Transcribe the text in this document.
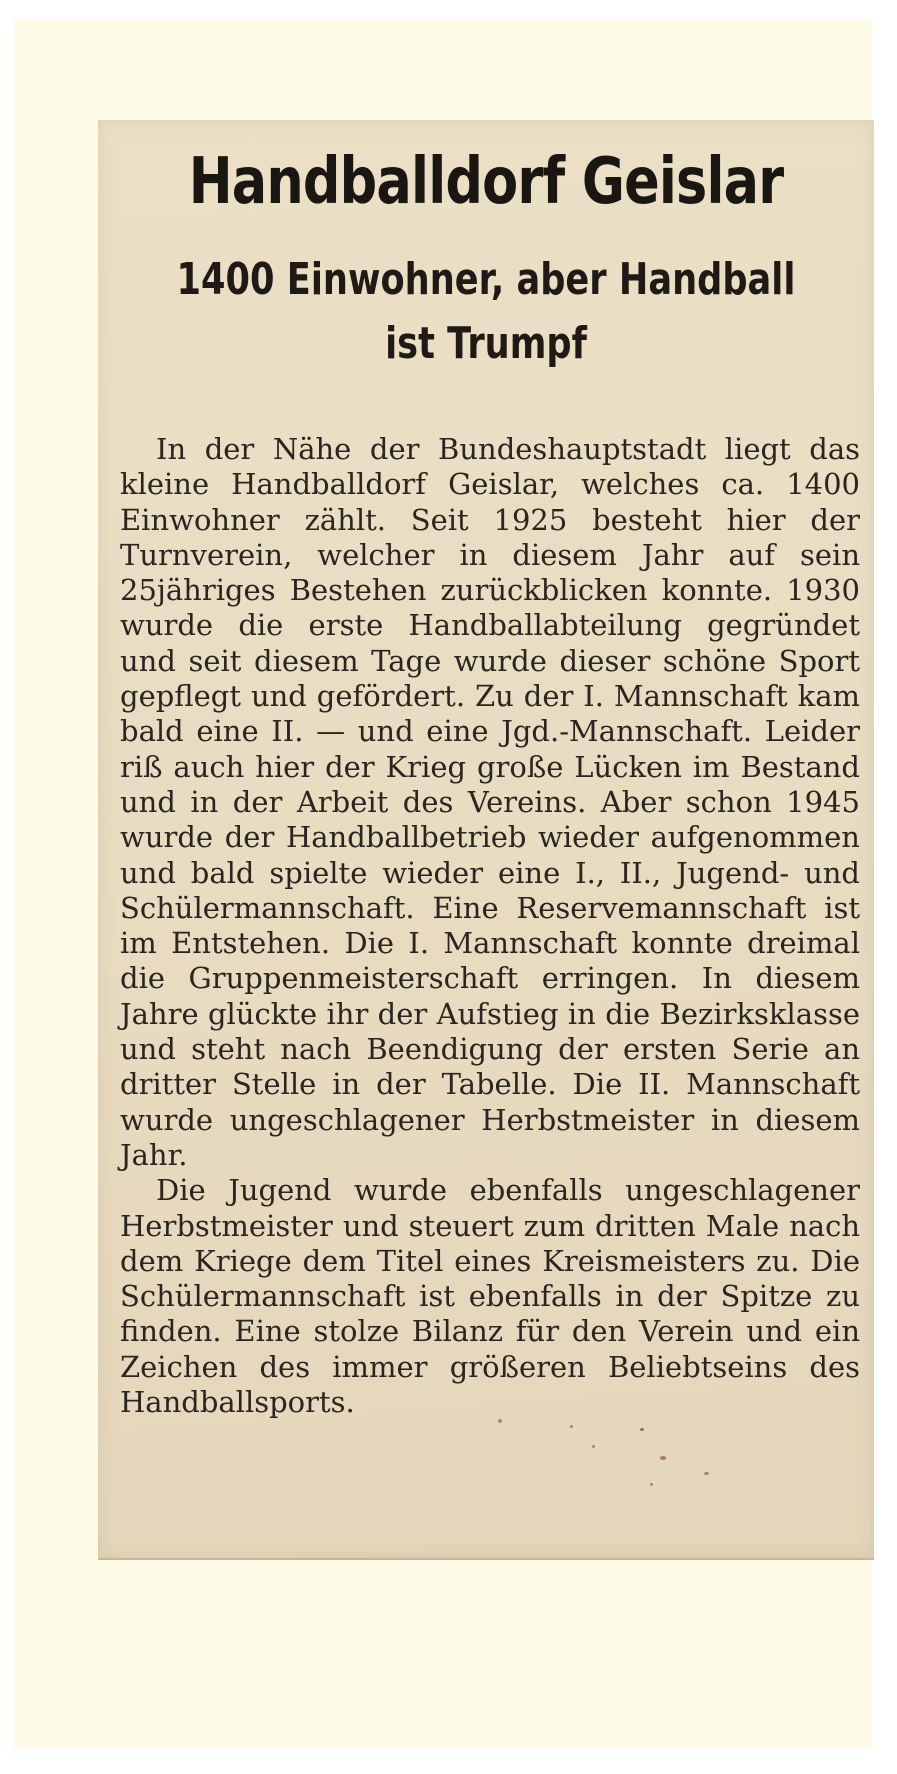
Handballdorf Geislar
1400 Einwohner, aber Handball ist Trumpf

In der Nähe der Bundeshauptstadt liegt das kleine Handballdorf Geislar, welches ca. 1400 Einwohner zählt. Seit 1925 besteht hier der Turnverein, welcher in diesem Jahr auf sein 25jähriges Bestehen zurückblicken konnte. 1930 wurde die erste Handballabteilung gegründet und seit diesem Tage wurde dieser schöne Sport gepflegt und gefördert. Zu der I. Mannschaft kam bald eine II. — und eine Jgd.-Mannschaft. Leider riß auch hier der Krieg große Lücken im Bestand und in der Arbeit des Vereins. Aber schon 1945 wurde der Handballbetrieb wieder aufgenommen und bald spielte wieder eine I., II., Jugend- und Schülermannschaft. Eine Reservemannschaft ist im Entstehen. Die I. Mannschaft konnte dreimal die Gruppenmeisterschaft erringen. In diesem Jahre glückte ihr der Aufstieg in die Bezirksklasse und steht nach Beendigung der ersten Serie an dritter Stelle in der Tabelle. Die II. Mannschaft wurde ungeschlagener Herbstmeister in diesem Jahr.

Die Jugend wurde ebenfalls ungeschlagener Herbstmeister und steuert zum dritten Male nach dem Kriege dem Titel eines Kreismeisters zu. Die Schülermannschaft ist ebenfalls in der Spitze zu finden. Eine stolze Bilanz für den Verein und ein Zeichen des immer größeren Beliebtseins des Handballsports.
